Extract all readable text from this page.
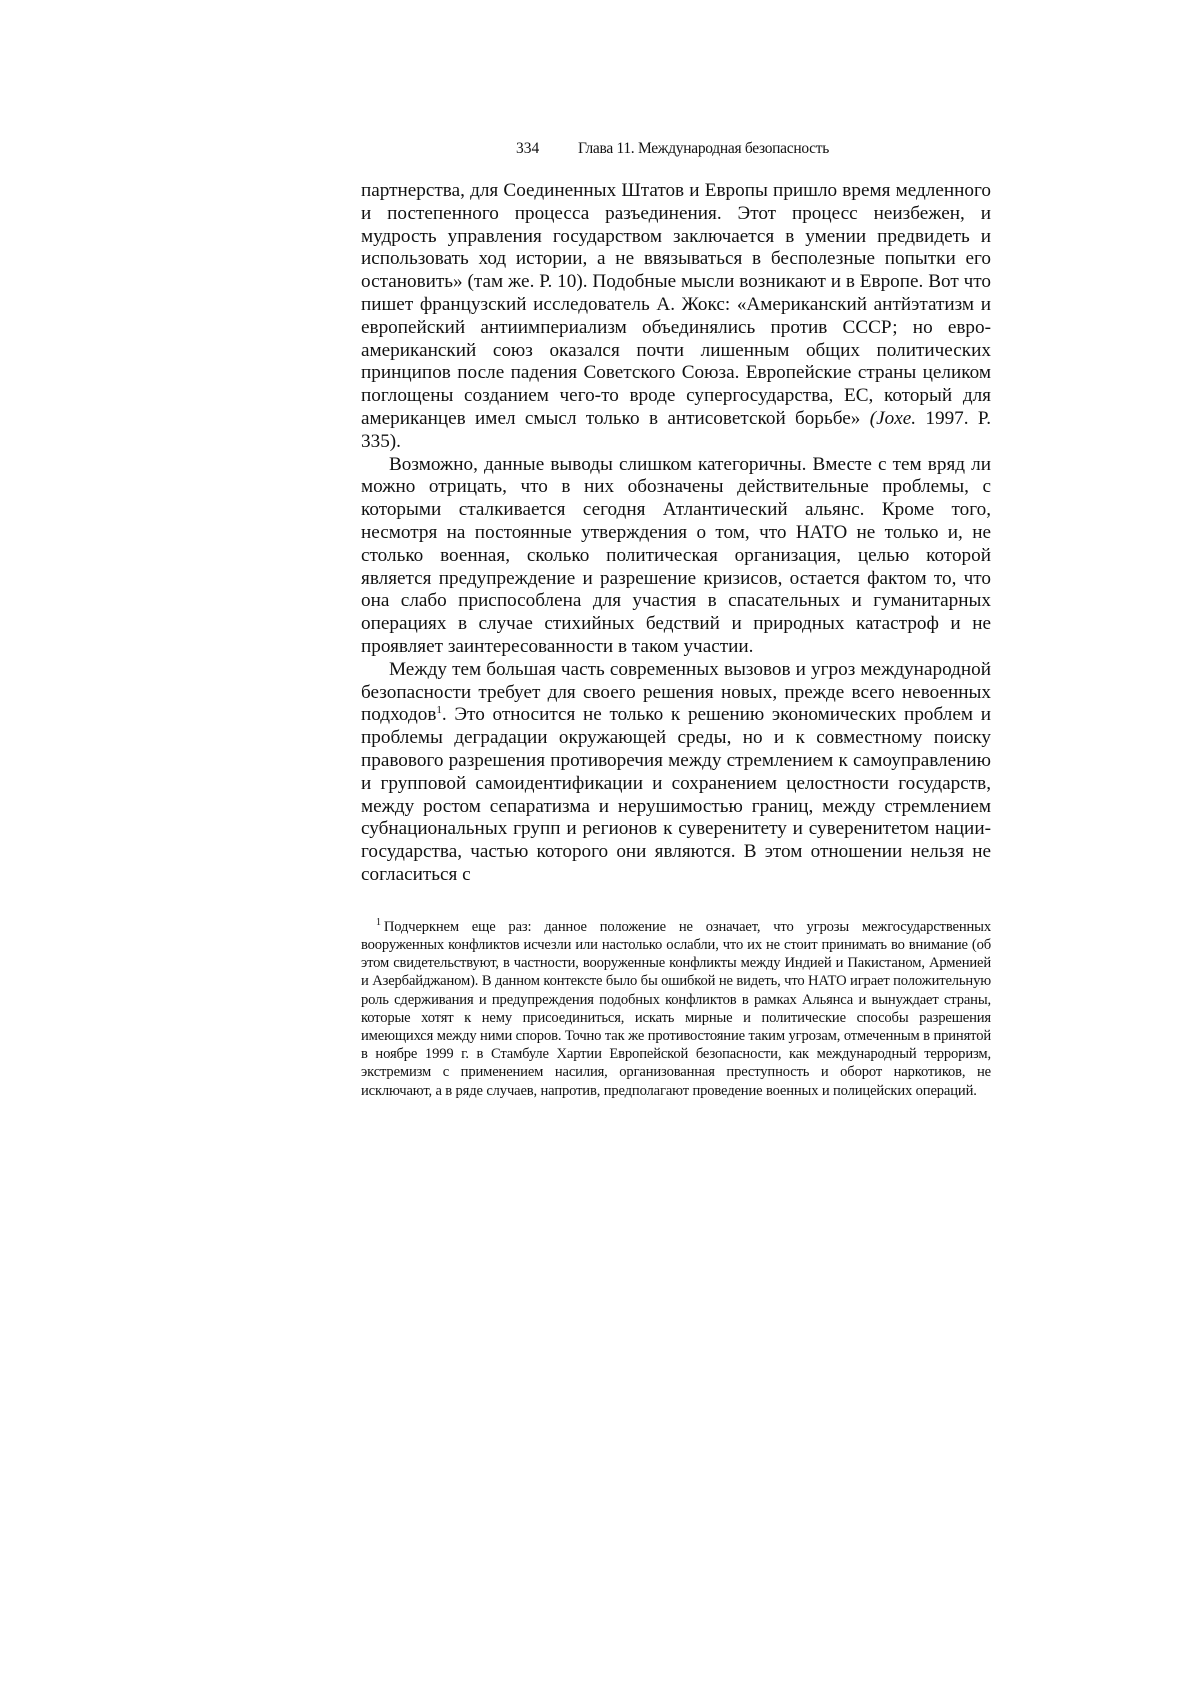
334	Глава 11. Международная безопасность

партнерства, для Соединенных Штатов и Европы пришло время медленного и постепенного процесса разъединения. Этот процесс неизбежен, и мудрость управления государством заключается в умении предвидеть и использовать ход истории, а не ввязываться в бесполезные попытки его остановить» (там же. Р. 10). Подобные мысли возникают и в Европе. Вот что пишет французский исследователь А. Жокс: «Американский антйэтатизм и европейский антиимпериализм объединялись против СССР; но евро-американский союз оказался почти лишенным общих политических принципов после падения Советского Союза. Европейские страны целиком поглощены созданием чего-то вроде супергосударства, ЕС, который для американцев имел смысл только в антисоветской борьбе» (Joxe. 1997. Р. 335).

Возможно, данные выводы слишком категоричны. Вместе с тем вряд ли можно отрицать, что в них обозначены действительные проблемы, с которыми сталкивается сегодня Атлантический альянс. Кроме того, несмотря на постоянные утверждения о том, что НАТО не только и, не столько военная, сколько политическая организация, целью которой является предупреждение и разрешение кризисов, остается фактом то, что она слабо приспособлена для участия в спасательных и гуманитарных операциях в случае стихийных бедствий и природных катастроф и не проявляет заинтересованности в таком участии.

Между тем большая часть современных вызовов и угроз международной безопасности требует для своего решения новых, прежде всего невоенных подходов$^1$. Это относится не только к решению экономических проблем и проблемы деградации окружающей среды, но и к совместному поиску правового разрешения противоречия между стремлением к самоуправлению и групповой самоидентификации и сохранением целостности государств, между ростом сепаратизма и нерушимостью границ, между стремлением субнациональных групп и регионов к суверенитету и суверенитетом нации-государства, частью которого они являются. В этом отношении нельзя не согласиться с

$^1$ Подчеркнем еще раз: данное положение не означает, что угрозы межгосударственных вооруженных конфликтов исчезли или настолько ослабли, что их не стоит принимать во внимание (об этом свидетельствуют, в частности, вооруженные конфликты между Индией и Пакистаном, Арменией и Азербайджаном). В данном контексте было бы ошибкой не видеть, что НАТО играет положительную роль сдерживания и предупреждения подобных конфликтов в рамках Альянса и вынуждает страны, которые хотят к нему присоединиться, искать мирные и политические способы разрешения имеющихся между ними споров. Точно так же противостояние таким угрозам, отмеченным в принятой в ноябре 1999 г. в Стамбуле Хартии Европейской безопасности, как международный терроризм, экстремизм с применением насилия, организованная преступность и оборот наркотиков, не исключают, а в ряде случаев, напротив, предполагают проведение военных и полицейских операций.
